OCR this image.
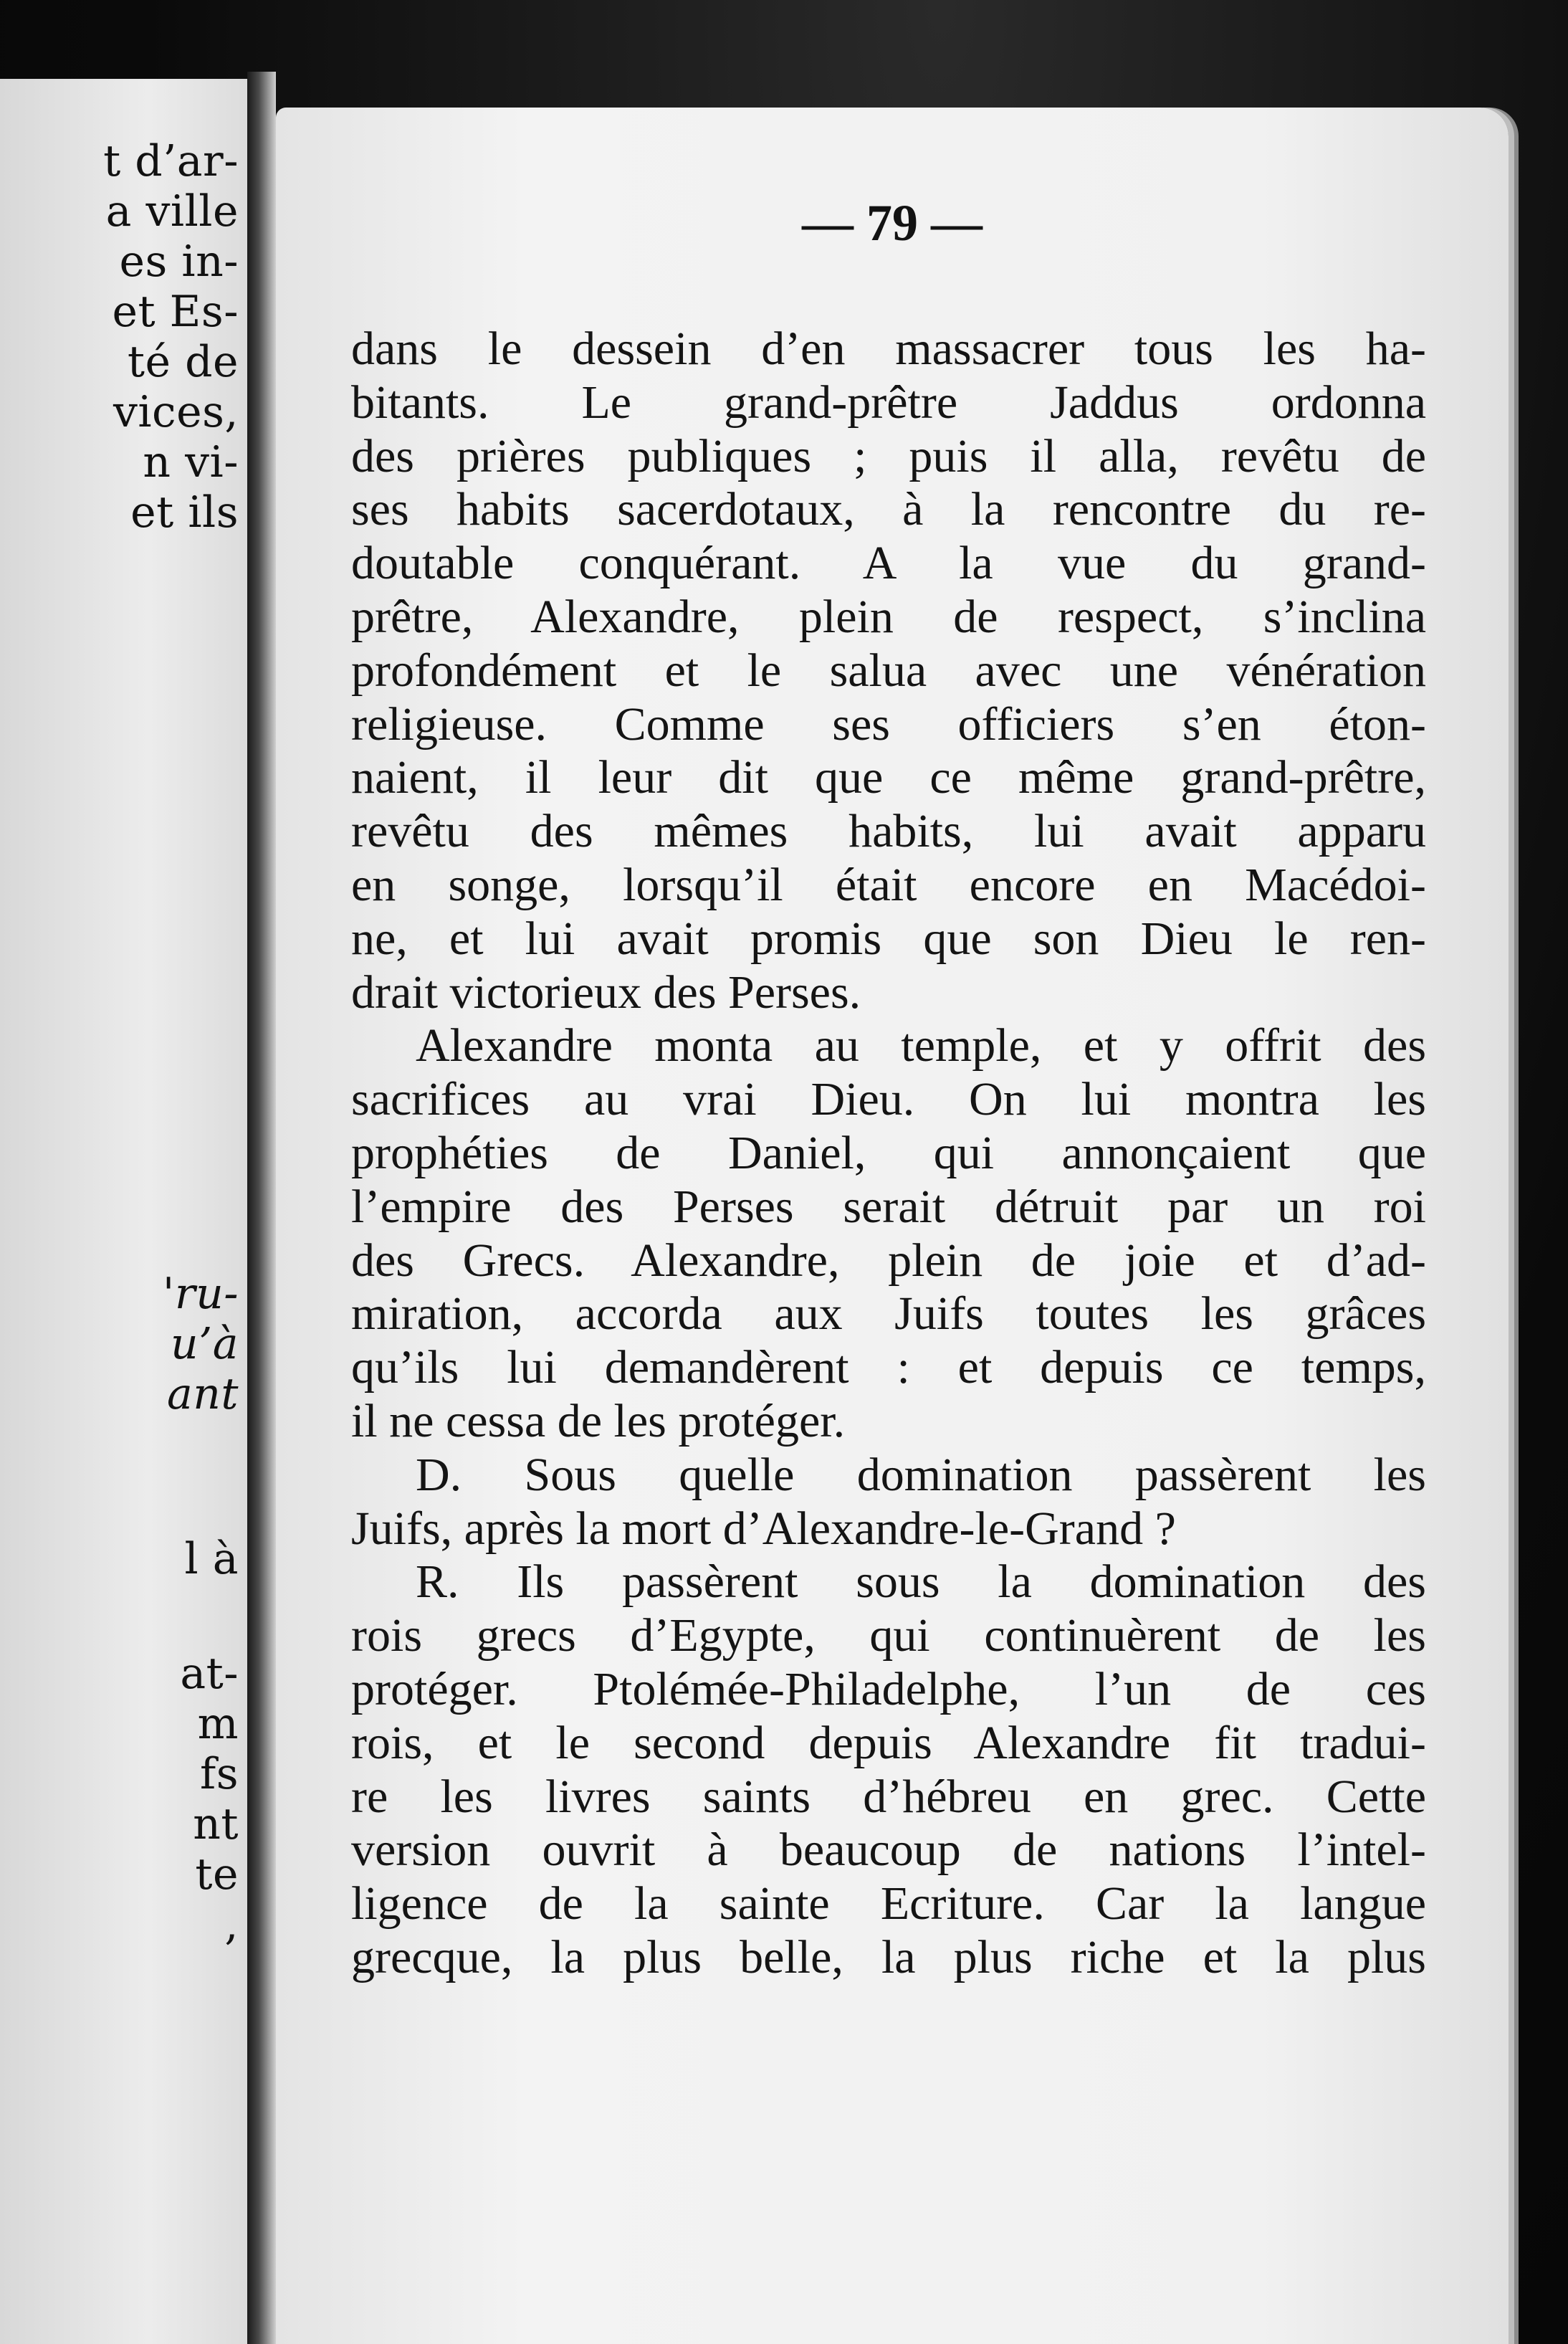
t d’ar-
a ville
es in-
et Es-
té de
vices,
n vi-
et ils
'ru-
u’à
ant
l à
at-
m
fs
nt
te
,
— 79 —
dans le dessein d’en massacrer tous les ha-
bitants. Le grand-prêtre Jaddus ordonna
des prières publiques ; puis il alla, revêtu de
ses habits sacerdotaux, à la rencontre du re-
doutable conquérant. A la vue du grand-
prêtre, Alexandre, plein de respect, s’inclina
profondément et le salua avec une vénération
religieuse. Comme ses officiers s’en éton-
naient, il leur dit que ce même grand-prêtre,
revêtu des mêmes habits, lui avait apparu
en songe, lorsqu’il était encore en Macédoi-
ne, et lui avait promis que son Dieu le ren-
drait victorieux des Perses.
Alexandre monta au temple, et y offrit des
sacrifices au vrai Dieu. On lui montra les
prophéties de Daniel, qui annonçaient que
l’empire des Perses serait détruit par un roi
des Grecs. Alexandre, plein de joie et d’ad-
miration, accorda aux Juifs toutes les grâces
qu’ils lui demandèrent : et depuis ce temps,
il ne cessa de les protéger.
D. Sous quelle domination passèrent les
Juifs, après la mort d’Alexandre-le-Grand ?
R. Ils passèrent sous la domination des
rois grecs d’Egypte, qui continuèrent de les
protéger. Ptolémée-Philadelphe, l’un de ces
rois, et le second depuis Alexandre fit tradui-
re les livres saints d’hébreu en grec. Cette
version ouvrit à beaucoup de nations l’intel-
ligence de la sainte Ecriture. Car la langue
grecque, la plus belle, la plus riche et la plus
